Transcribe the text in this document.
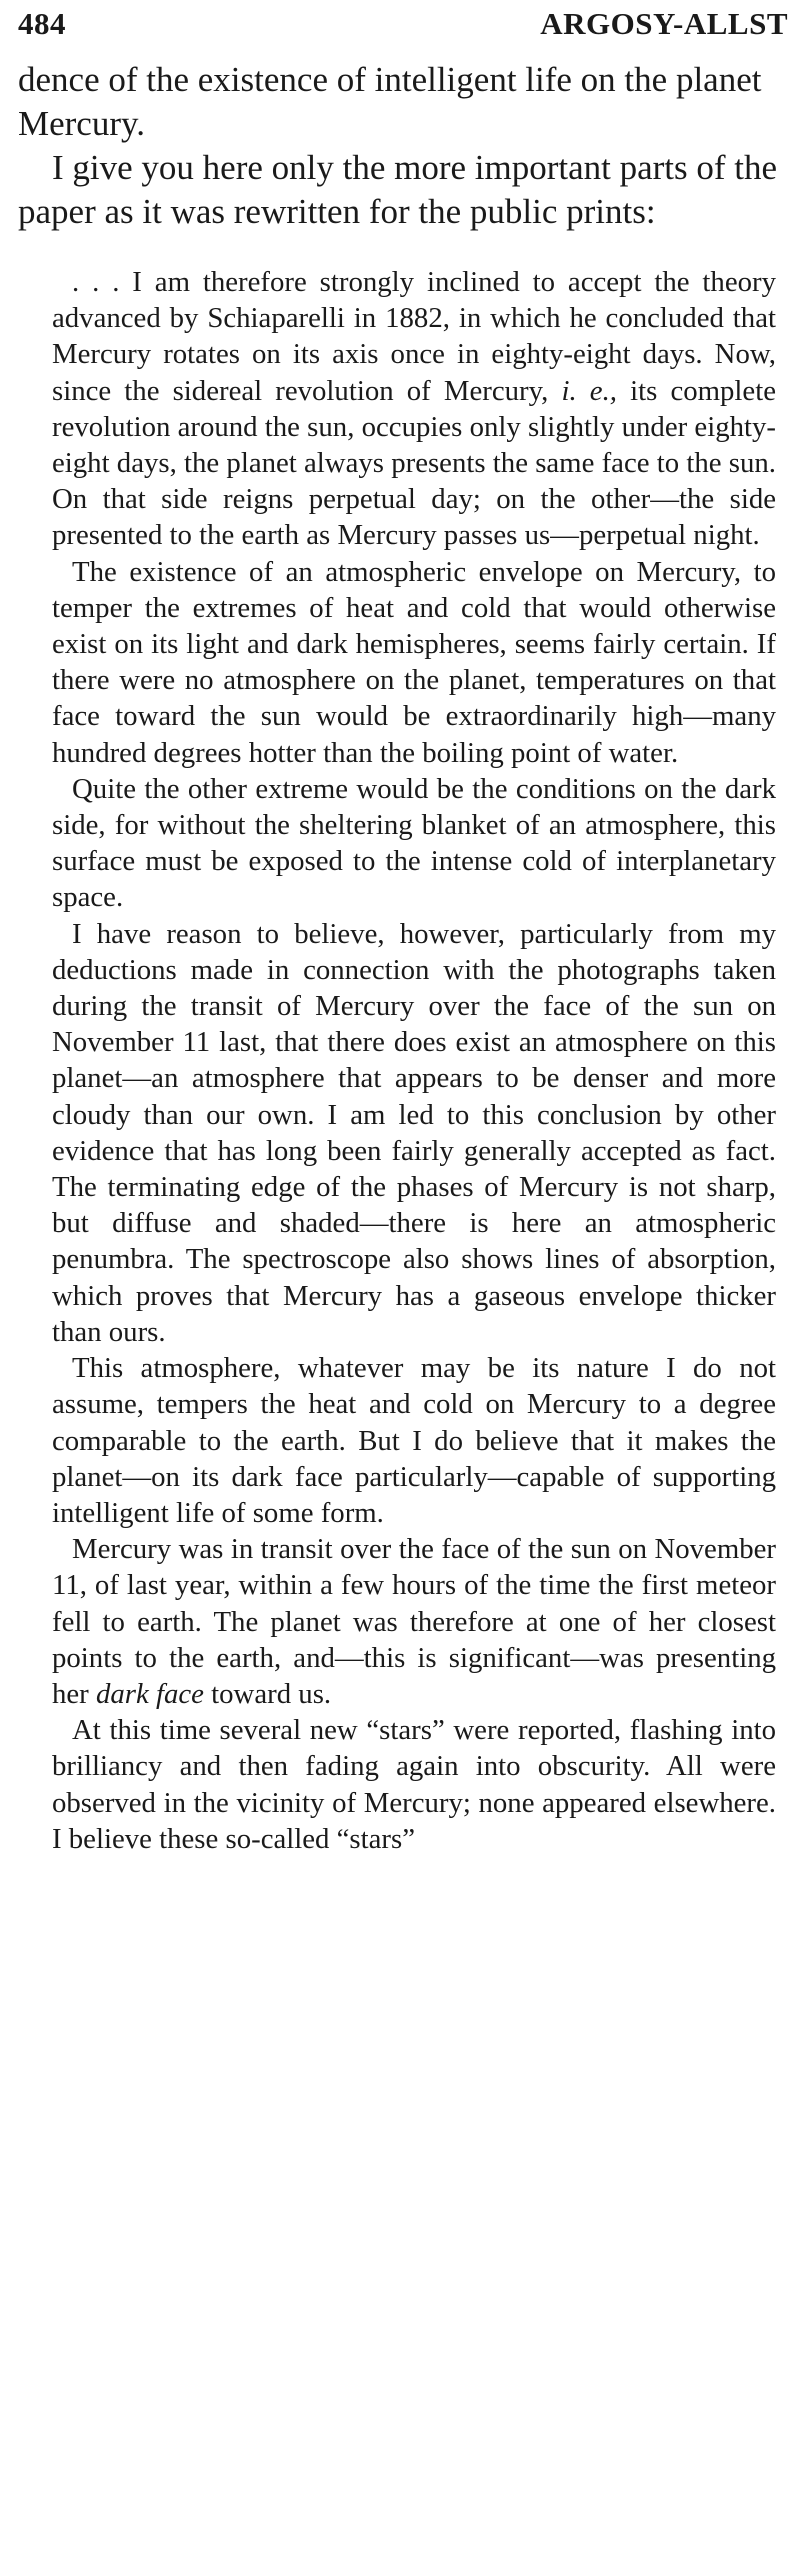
484	ARGOSY-ALLST

dence of the existence of intelligent life on the planet Mercury.

I give you here only the more important parts of the paper as it was rewritten for the public prints:

. . . I am therefore strongly inclined to accept the theory advanced by Schiaparelli in 1882, in which he concluded that Mercury rotates on its axis once in eighty-eight days. Now, since the sidereal revolution of Mercury, i. e., its complete revolution around the sun, occupies only slightly under eighty-eight days, the planet always presents the same face to the sun. On that side reigns perpetual day; on the other—the side presented to the earth as Mercury passes us—perpetual night.

The existence of an atmospheric envelope on Mercury, to temper the extremes of heat and cold that would otherwise exist on its light and dark hemispheres, seems fairly certain. If there were no atmosphere on the planet, temperatures on that face toward the sun would be extraordinarily high—many hundred degrees hotter than the boiling point of water.

Quite the other extreme would be the conditions on the dark side, for without the sheltering blanket of an atmosphere, this surface must be exposed to the intense cold of interplanetary space.

I have reason to believe, however, particularly from my deductions made in connection with the photographs taken during the transit of Mercury over the face of the sun on November 11 last, that there does exist an atmosphere on this planet—an atmosphere that appears to be denser and more cloudy than our own. I am led to this conclusion by other evidence that has long been fairly generally accepted as fact. The terminating edge of the phases of Mercury is not sharp, but diffuse and shaded—there is here an atmospheric penumbra. The spectroscope also shows lines of absorption, which proves that Mercury has a gaseous envelope thicker than ours.

This atmosphere, whatever may be its nature I do not assume, tempers the heat and cold on Mercury to a degree comparable to the earth. But I do believe that it makes the planet—on its dark face particularly—capable of supporting intelligent life of some form.

Mercury was in transit over the face of the sun on November 11, of last year, within a few hours of the time the first meteor fell to earth. The planet was therefore at one of her closest points to the earth, and—this is significant—was presenting her dark face toward us.

At this time several new “stars” were reported, flashing into brilliancy and then fading again into obscurity. All were observed in the vicinity of Mercury; none appeared elsewhere. I believe these so-called “stars”
